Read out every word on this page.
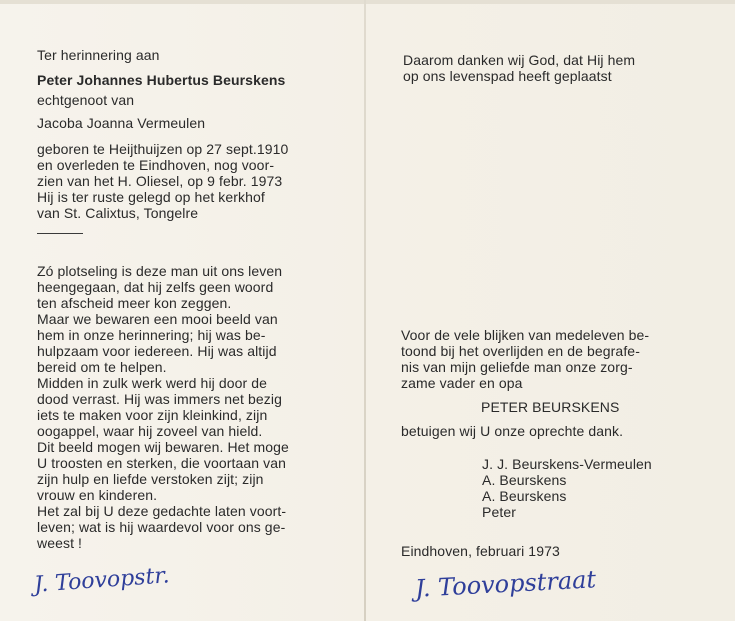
Ter herinnering aan
Peter Johannes Hubertus Beurskens
echtgenoot van
Jacoba Joanna Vermeulen
geboren te Heijthuijzen op 27 sept.1910
en overleden te Eindhoven, nog voor-
zien van het H. Oliesel, op 9 febr. 1973
Hij is ter ruste gelegd op het kerkhof
van St. Calixtus, Tongelre
Zó plotseling is deze man uit ons leven
heengegaan, dat hij zelfs geen woord
ten afscheid meer kon zeggen.
Maar we bewaren een mooi beeld van
hem in onze herinnering; hij was be-
hulpzaam voor iedereen. Hij was altijd
bereid om te helpen.
Midden in zulk werk werd hij door de
dood verrast. Hij was immers net bezig
iets te maken voor zijn kleinkind, zijn
oogappel, waar hij zoveel van hield.
Dit beeld mogen wij bewaren. Het moge
U troosten en sterken, die voortaan van
zijn hulp en liefde verstoken zijt; zijn
vrouw en kinderen.
Het zal bij U deze gedachte laten voort-
leven; wat is hij waardevol voor ons ge-
weest !
J. Toovopstr.
Daarom danken wij God, dat Hij hem
op ons levenspad heeft geplaatst
Voor de vele blijken van medeleven be-
toond bij het overlijden en de begrafe-
nis van mijn geliefde man onze zorg-
zame vader en opa
PETER BEURSKENS
betuigen wij U onze oprechte dank.
J. J. Beurskens-Vermeulen
A. Beurskens
A. Beurskens
Peter
Eindhoven, februari 1973
J. Toovopstraat
